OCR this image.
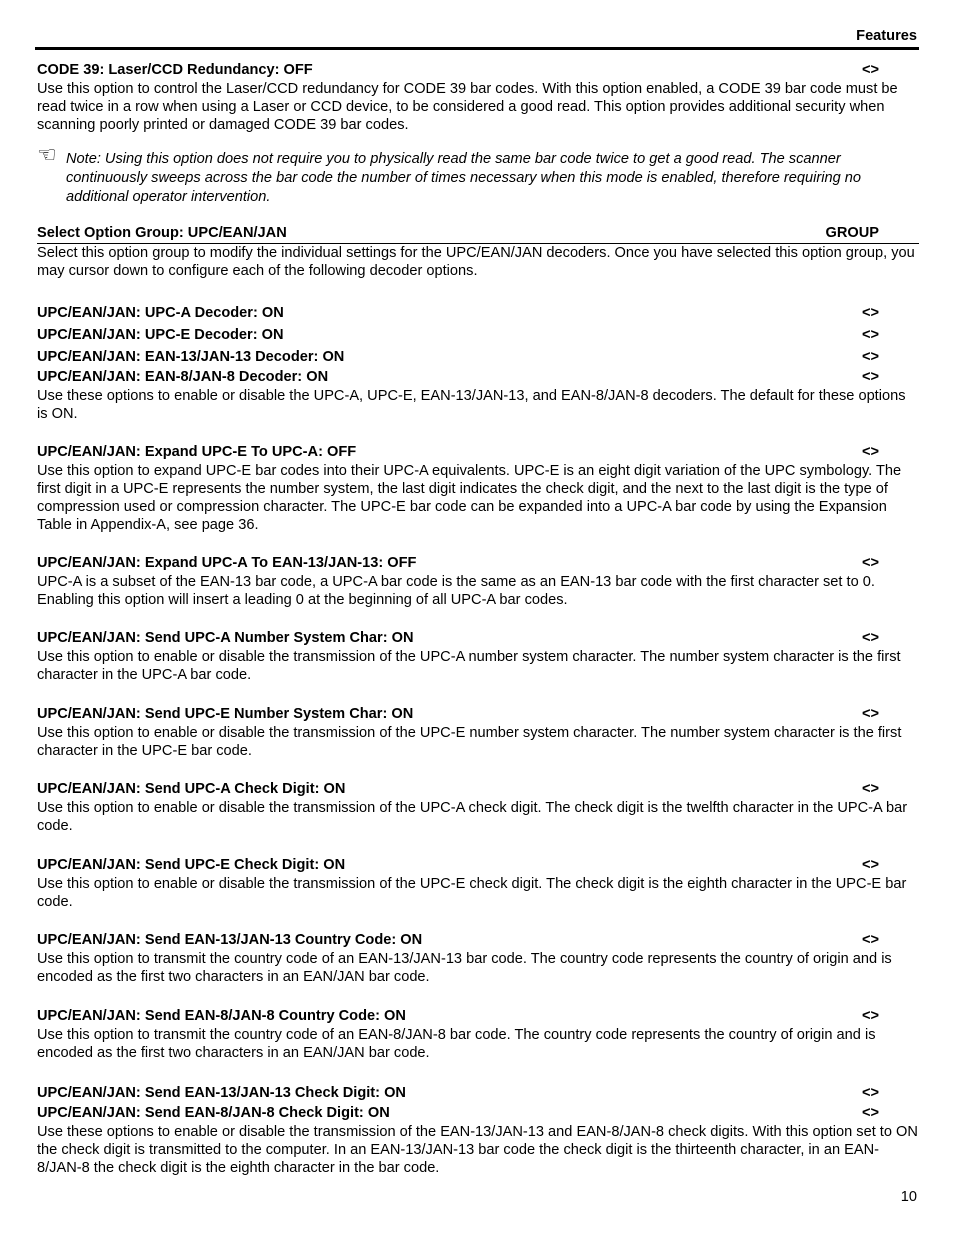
Features
CODE 39: Laser/CCD Redundancy: OFF	<>

Use this option to control the Laser/CCD redundancy for CODE 39 bar codes. With this option enabled, a CODE 39 bar code must be read twice in a row when using a Laser or CCD device, to be considered a good read. This option provides additional security when scanning poorly printed or damaged CODE 39 bar codes.

☜ Note: Using this option does not require you to physically read the same bar code twice to get a good read. The scanner continuously sweeps across the bar code the number of times necessary when this mode is enabled, therefore requiring no additional operator intervention.
Select Option Group: UPC/EAN/JAN	GROUP

Select this option group to modify the individual settings for the UPC/EAN/JAN decoders. Once you have selected this option group, you may cursor down to configure each of the following decoder options.

UPC/EAN/JAN: UPC-A Decoder: ON	<>
UPC/EAN/JAN: UPC-E Decoder: ON	<>
UPC/EAN/JAN: EAN-13/JAN-13 Decoder: ON	<>
UPC/EAN/JAN: EAN-8/JAN-8 Decoder: ON	<>

Use these options to enable or disable the UPC-A, UPC-E, EAN-13/JAN-13, and EAN-8/JAN-8 decoders. The default for these options is ON.

UPC/EAN/JAN: Expand UPC-E To UPC-A: OFF	<>

Use this option to expand UPC-E bar codes into their UPC-A equivalents. UPC-E is an eight digit variation of the UPC symbology. The first digit in a UPC-E represents the number system, the last digit indicates the check digit, and the next to the last digit is the type of compression used or compression character. The UPC-E bar code can be expanded into a UPC-A bar code by using the Expansion Table in Appendix-A, see page 36.

UPC/EAN/JAN: Expand UPC-A To EAN-13/JAN-13: OFF	<>

UPC-A is a subset of the EAN-13 bar code, a UPC-A bar code is the same as an EAN-13 bar code with the first character set to 0. Enabling this option will insert a leading 0 at the beginning of all UPC-A bar codes.

UPC/EAN/JAN: Send UPC-A Number System Char: ON	<>

Use this option to enable or disable the transmission of the UPC-A number system character. The number system character is the first character in the UPC-A bar code.

UPC/EAN/JAN: Send UPC-E Number System Char: ON	<>

Use this option to enable or disable the transmission of the UPC-E number system character. The number system character is the first character in the UPC-E bar code.

UPC/EAN/JAN: Send UPC-A Check Digit: ON	<>

Use this option to enable or disable the transmission of the UPC-A check digit. The check digit is the twelfth character in the UPC-A bar code.

UPC/EAN/JAN: Send UPC-E Check Digit: ON	<>

Use this option to enable or disable the transmission of the UPC-E check digit. The check digit is the eighth character in the UPC-E bar code.

UPC/EAN/JAN: Send EAN-13/JAN-13 Country Code: ON	<>

Use this option to transmit the country code of an EAN-13/JAN-13 bar code. The country code represents the country of origin and is encoded as the first two characters in an EAN/JAN bar code.

UPC/EAN/JAN: Send EAN-8/JAN-8 Country Code: ON	<>

Use this option to transmit the country code of an EAN-8/JAN-8 bar code. The country code represents the country of origin and is encoded as the first two characters in an EAN/JAN bar code.

UPC/EAN/JAN: Send EAN-13/JAN-13 Check Digit: ON	<>
UPC/EAN/JAN: Send EAN-8/JAN-8 Check Digit: ON	<>

Use these options to enable or disable the transmission of the EAN-13/JAN-13 and EAN-8/JAN-8 check digits. With this option set to ON the check digit is transmitted to the computer. In an EAN-13/JAN-13 bar code the check digit is the thirteenth character, in an EAN-8/JAN-8 the check digit is the eighth character in the bar code.

10
